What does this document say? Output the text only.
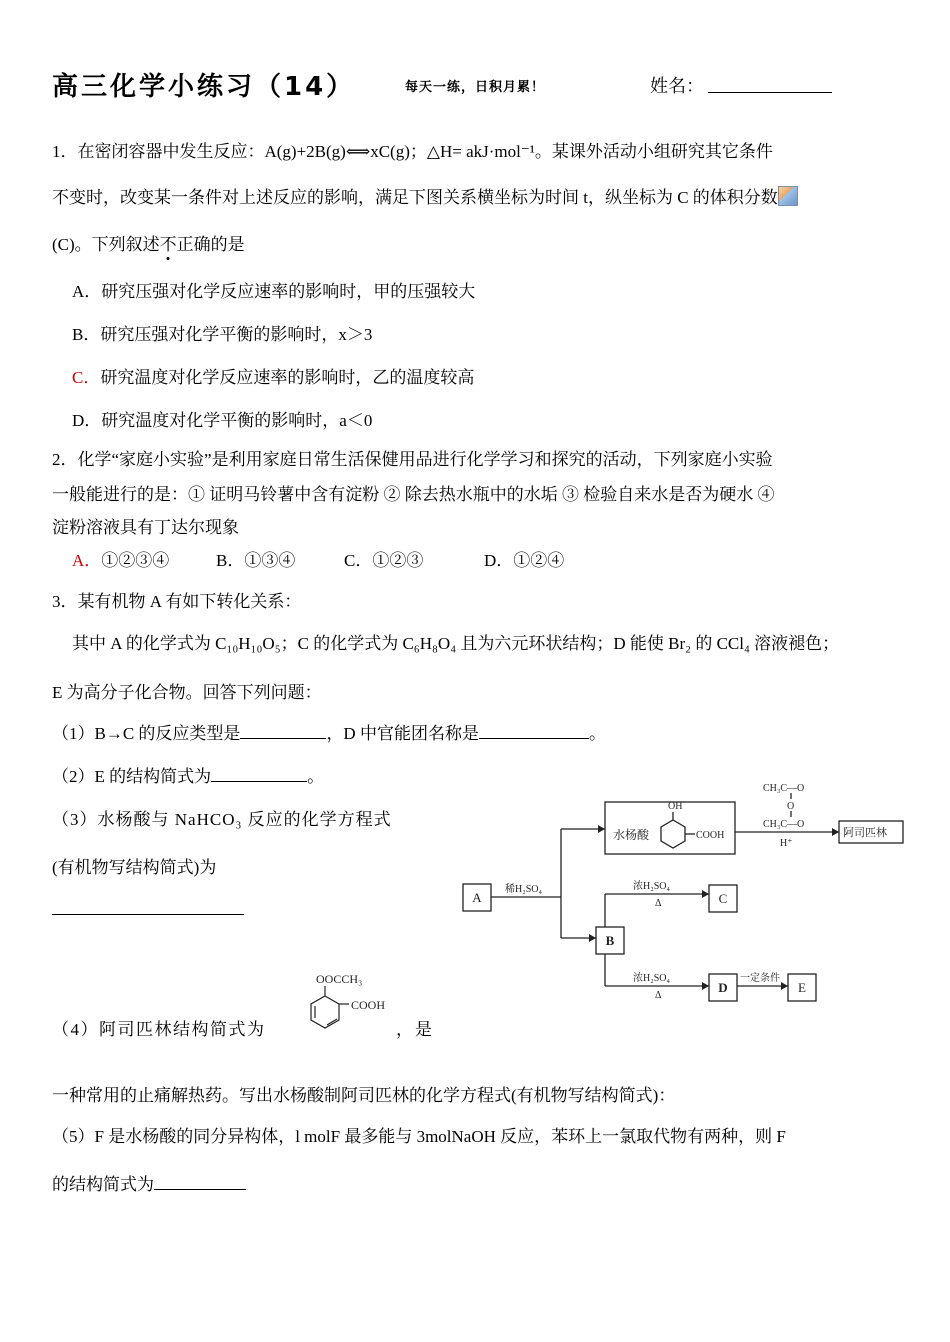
高三化学小练习（14）	每天一练，日积月累！	姓名：
1．在密闭容器中发生反应：A(g)+2B(g)⟺xC(g)；△H= akJ·mol⁻¹。某课外活动小组研究其它条件
不变时，改变某一条件对上述反应的影响，满足下图关系横坐标为时间 t，纵坐标为 C 的体积分数
(C)。下列叙述不正确的是
A．研究压强对化学反应速率的影响时，甲的压强较大
B．研究压强对化学平衡的影响时，x＞3
C．研究温度对化学反应速率的影响时，乙的温度较高
D．研究温度对化学平衡的影响时，a＜0
2．化学“家庭小实验”是利用家庭日常生活保健用品进行化学学习和探究的活动，下列家庭小实验
一般能进行的是：① 证明马铃薯中含有淀粉 ② 除去热水瓶中的水垢 ③ 检验自来水是否为硬水 ④
淀粉溶液具有丁达尔现象
A．①②③④	B．①③④	C．①②③	D．①②④
3．某有机物 A 有如下转化关系：
其中 A 的化学式为 C₁₀H₁₀O₅；C 的化学式为 C₆H₈O₄ 且为六元环状结构；D 能使 Br₂ 的 CCl₄ 溶液褪色；
E 为高分子化合物。回答下列问题：
（1）B→C 的反应类型是	，D 中官能团名称是	。
（2）E 的结构简式为	。
（3）水杨酸与 NaHCO₃ 反应的化学方程式
(有机物写结构简式)为
A
B
C
D	E
稀H₂SO₄	浓H₂SO₄
Δ
浓H₂SO₄
Δ
一定条件
水杨酸
OH
COOH	阿司匹林
CH₃C—O
O
CH₃C—O
H⁺
（4）阿司匹林结构简式为
OOCCH₃
COOH
，是
一种常用的止痛解热药。写出水杨酸制阿司匹林的化学方程式(有机物写结构简式)：
（5）F 是水杨酸的同分异构体，l molF 最多能与 3molNaOH 反应，苯环上一氯取代物有两种，则 F
的结构简式为
